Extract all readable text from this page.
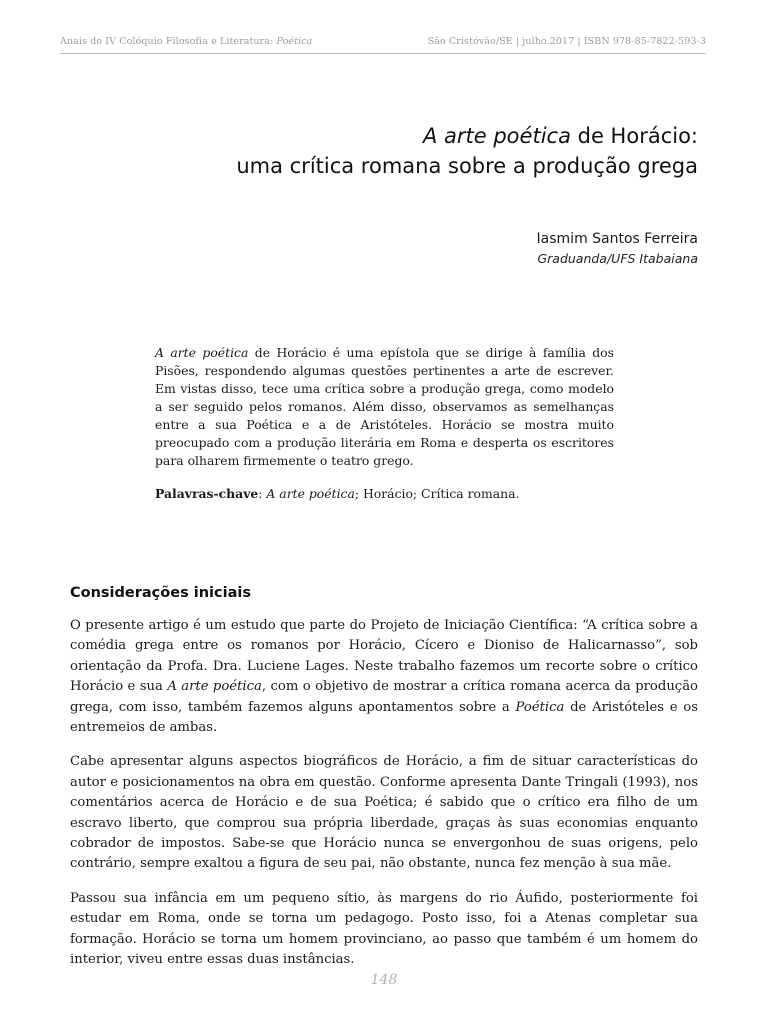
Anais do IV Colóquio Filosofia e Literatura: Poética	São Cristóvão/SE | julho.2017 | ISBN 978-85-7822-593-3
A arte poética de Horácio:
uma crítica romana sobre a produção grega
Iasmim Santos Ferreira
Graduanda/UFS Itabaiana

A arte poética de Horácio é uma epístola que se dirige à família dos Pisões, respondendo algumas questões pertinentes a arte de escrever. Em vistas disso, tece uma crítica sobre a produção grega, como modelo a ser seguido pelos romanos. Além disso, observamos as semelhanças entre a sua Poética e a de Aristóteles. Horácio se mostra muito preocupado com a produção literária em Roma e desperta os escritores para olharem firmemente o teatro grego.

Palavras-chave: A arte poética; Horácio; Crítica romana.
Considerações iniciais

O presente artigo é um estudo que parte do Projeto de Iniciação Científica: “A crítica sobre a comédia grega entre os romanos por Horácio, Cícero e Dioniso de Halicarnasso”, sob orientação da Profa. Dra. Luciene Lages. Neste trabalho fazemos um recorte sobre o crítico Horácio e sua A arte poética, com o objetivo de mostrar a crítica romana acerca da produção grega, com isso, também fazemos alguns apontamentos sobre a Poética de Aristóteles e os entremeios de ambas.

Cabe apresentar alguns aspectos biográficos de Horácio, a fim de situar características do autor e posicionamentos na obra em questão. Conforme apresenta Dante Tringali (1993), nos comentários acerca de Horácio e de sua Poética; é sabido que o crítico era filho de um escravo liberto, que comprou sua própria liberdade, graças às suas economias enquanto cobrador de impostos. Sabe-se que Horácio nunca se envergonhou de suas origens, pelo contrário, sempre exaltou a figura de seu pai, não obstante, nunca fez menção à sua mãe.

Passou sua infância em um pequeno sítio, às margens do rio Áufido, posteriormente foi estudar em Roma, onde se torna um pedagogo. Posto isso, foi a Atenas completar sua formação. Horácio se torna um homem provinciano, ao passo que também é um homem do interior, viveu entre essas duas instâncias.

148
